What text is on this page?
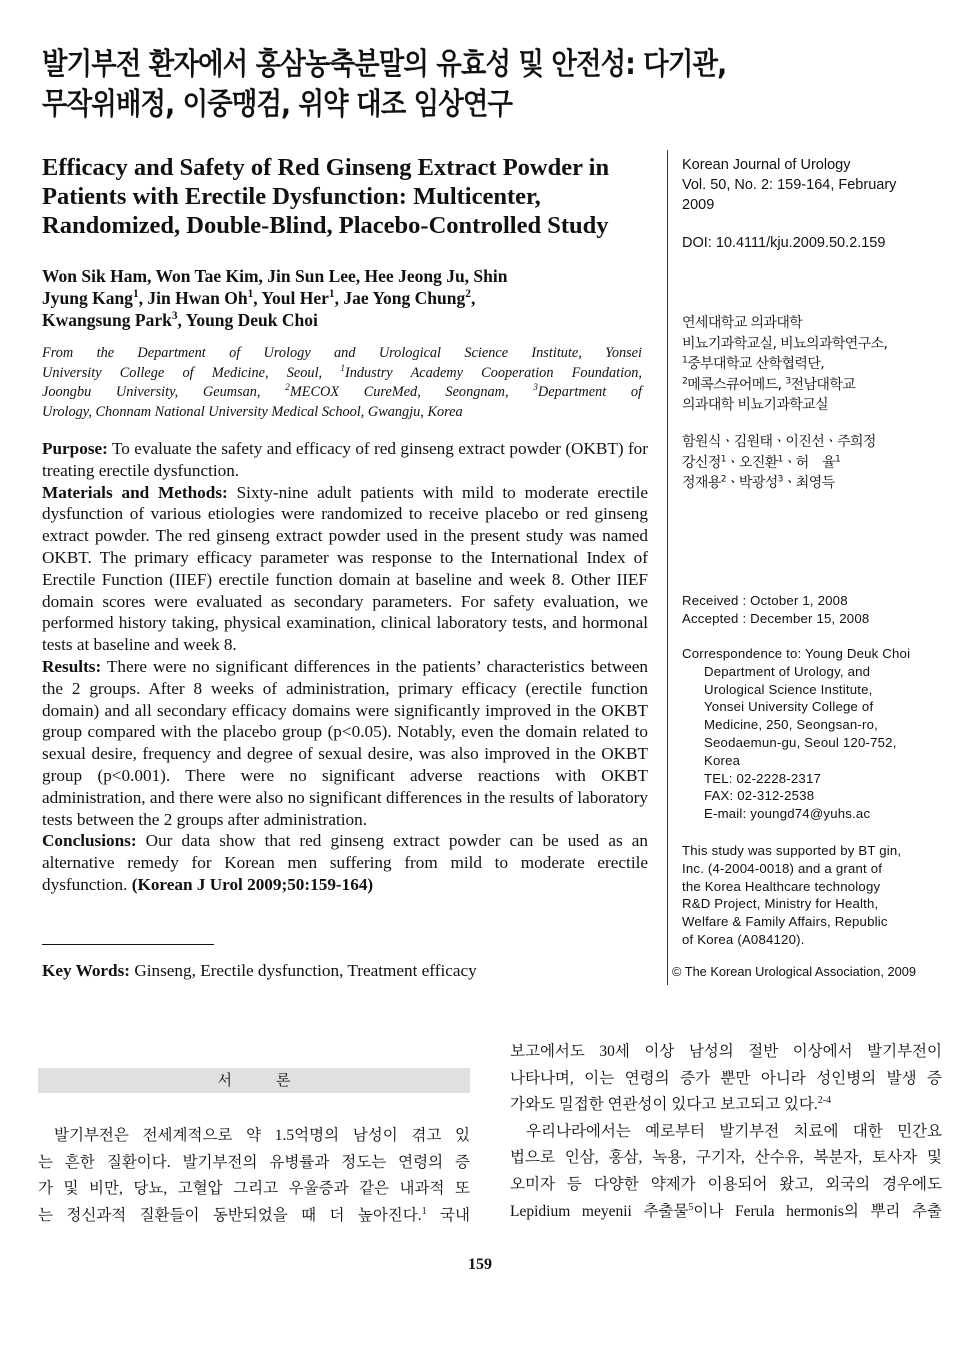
발기부전 환자에서 홍삼농축분말의 유효성 및 안전성: 다기관,
무작위배정, 이중맹검, 위약 대조 임상연구
Efficacy and Safety of Red Ginseng Extract Powder in
Patients with Erectile Dysfunction: Multicenter,
Randomized, Double-Blind, Placebo-Controlled Study
Won Sik Ham, Won Tae Kim, Jin Sun Lee, Hee Jeong Ju, Shin
Jyung Kang$^1$, Jin Hwan Oh$^1$, Youl Her$^1$, Jae Yong Chung$^2$,
Kwangsung Park$^3$, Young Deuk Choi
From the Department of Urology and Urological Science Institute, Yonsei
University College of Medicine, Seoul, $^1$Industry Academy Cooperation Foundation,
Joongbu University, Geumsan, $^2$MECOX CureMed, Seongnam, $^3$Department of
Urology, Chonnam National University Medical School, Gwangju, Korea

Purpose: To evaluate the safety and efficacy of red ginseng extract powder (OKBT) for treating erectile dysfunction.

Materials and Methods: Sixty-nine adult patients with mild to moderate erectile dysfunction of various etiologies were randomized to receive placebo or red ginseng extract powder. The red ginseng extract powder used in the present study was named OKBT. The primary efficacy parameter was response to the International Index of Erectile Function (IIEF) erectile function domain at baseline and week 8. Other IIEF domain scores were evaluated as secondary parameters. For safety evaluation, we performed history taking, physical examination, clinical laboratory tests, and hormonal tests at baseline and week 8.

Results: There were no significant differences in the patients’ characteristics between the 2 groups. After 8 weeks of administration, primary efficacy (erectile function domain) and all secondary efficacy domains were significantly improved in the OKBT group compared with the placebo group (p<0.05). Notably, even the domain related to sexual desire, frequency and degree of sexual desire, was also improved in the OKBT group (p<0.001). There were no significant adverse reactions with OKBT administration, and there were also no significant differences in the results of laboratory tests between the 2 groups after administration.

Conclusions: Our data show that red ginseng extract powder can be used as an alternative remedy for Korean men suffering from mild to moderate erectile dysfunction. (Korean J Urol 2009;50:159-164)

Key Words: Ginseng, Erectile dysfunction, Treatment efficacy
Korean Journal of Urology
Vol. 50, No. 2: 159-164, February
2009
DOI: 10.4111/kju.2009.50.2.159
연세대학교 의과대학
비뇨기과학교실, 비뇨의과학연구소,
$^1$중부대학교 산학협력단,
$^2$메콕스큐어메드, $^3$전남대학교
의과대학 비뇨기과학교실
함원식ㆍ김원태ㆍ이진선ㆍ주희정
강신정$^1$ㆍ오진환$^1$ㆍ허　율$^1$
정재용$^2$ㆍ박광성$^3$ㆍ최영득
Received : October 1, 2008
Accepted : December 15, 2008
Correspondence to: Young Deuk Choi
Department of Urology, and
Urological Science Institute,
Yonsei University College of
Medicine, 250, Seongsan-ro,
Seodaemun-gu, Seoul 120-752,
Korea
TEL: 02-2228-2317
FAX: 02-312-2538
E-mail: youngd74@yuhs.ac
This study was supported by BT gin,
Inc. (4-2004-0018) and a grant of
the Korea Healthcare technology
R&D Project, Ministry for Health,
Welfare & Family Affairs, Republic
of Korea (A084120).
© The Korean Urological Association, 2009
서론
발기부전은 전세계적으로 약 1.5억명의 남성이 겪고 있
는 흔한 질환이다. 발기부전의 유병률과 정도는 연령의 증
가 및 비만, 당뇨, 고혈압 그리고 우울증과 같은 내과적 또
는 정신과적 질환들이 동반되었을 때 더 높아진다.$^1$ 국내
보고에서도 30세 이상 남성의 절반 이상에서 발기부전이
나타나며, 이는 연령의 증가 뿐만 아니라 성인병의 발생 증
가와도 밀접한 연관성이 있다고 보고되고 있다.$^{2-4}$
우리나라에서는 예로부터 발기부전 치료에 대한 민간요
법으로 인삼, 홍삼, 녹용, 구기자, 산수유, 복분자, 토사자 및
오미자 등 다양한 약제가 이용되어 왔고, 외국의 경우에도
Lepidium meyenii 추출물$^5$이나 Ferula hermonis의 뿌리 추출
159
